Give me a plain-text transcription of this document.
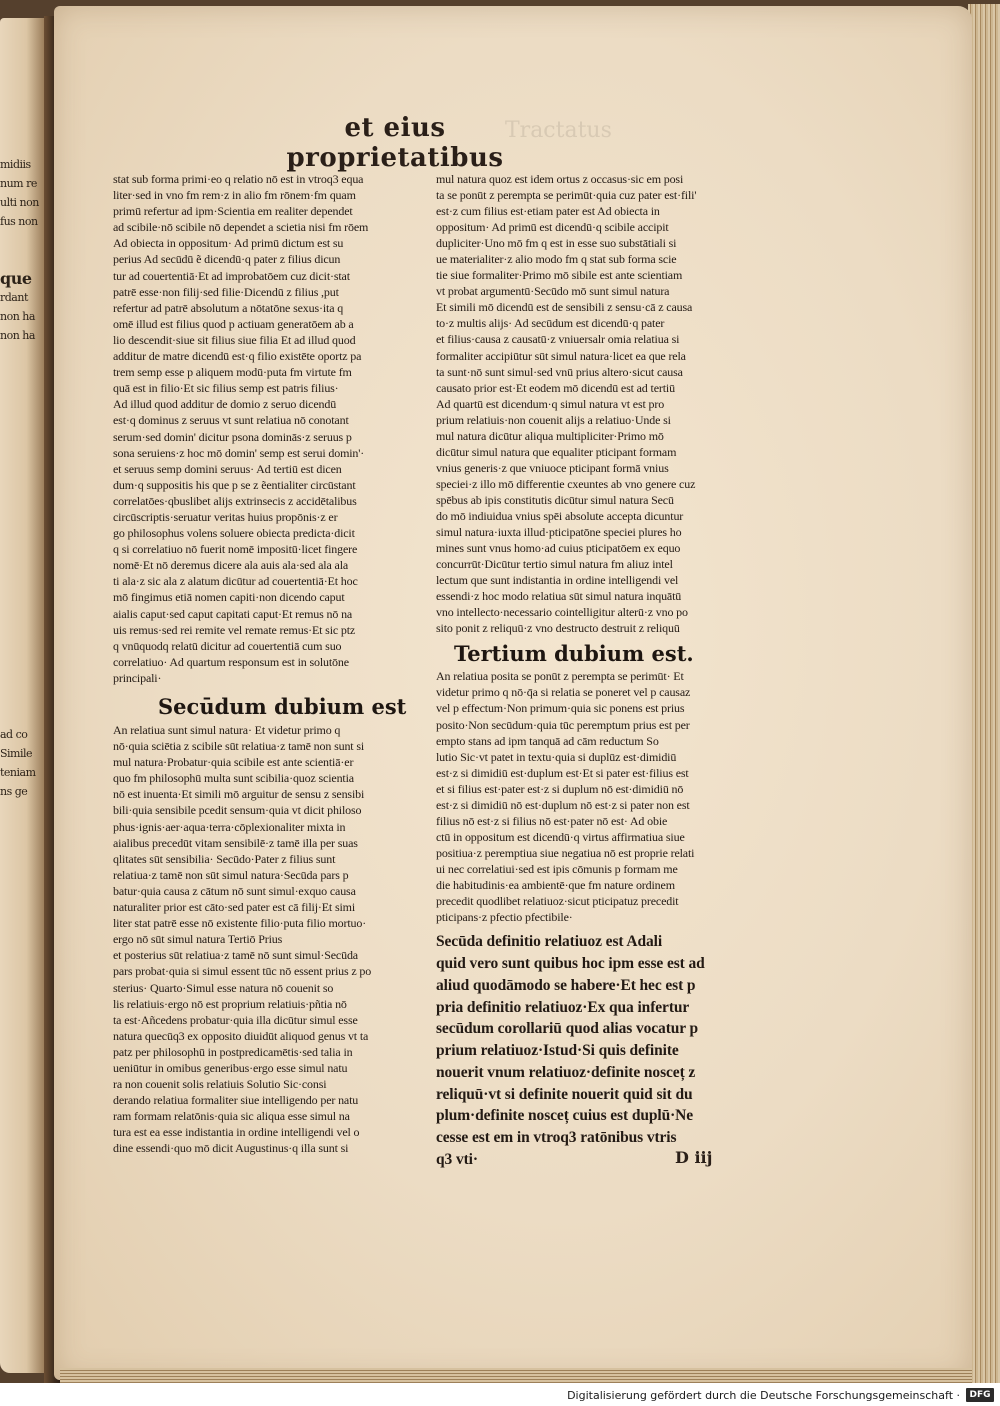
midiis
num re
ulti non
fus non
que
rdant
non ha
non ha
ad co
Simile
teniam
ns ge
Tractatus
et eius proprietatibus
stat sub forma primi·eo q relatio nō est in vtroq3 equa
liter·sed in vno fm rem·z in alio fm rōnem·fm quam
primū refertur ad ipm·Scientia em realiter dependet
ad scibile·nō scibile nō dependet a scietia nisi fm rōem
Ad obiecta in oppositum· Ad primū dictum est su
perius Ad secūdū ẽ dicendū·q pater z filius dicun
tur ad couertentiā·Et ad improbatōem cuz dicit·stat
patrē esse·non filij·sed filie·Dicendū z filius ,put
refertur ad patrē absolutum a nōtatōne sexus·ita q
omē illud est filius quod p actiuam generatōem ab a
lio descendit·siue sit filius siue filia Et ad illud quod
additur de matre dicendū est·q filio existēte oportz pa
trem semp esse p aliquem modū·puta fm virtute fm
quā est in filio·Et sic filius semp est patris filius·
Ad illud quod additur de domio z seruo dicendū
est·q dominus z seruus vt sunt relatiua nō conotant
serum·sed domin' dicitur psona dominās·z seruus p
sona seruiens·z hoc mō domin' semp est serui domin'·
et seruus semp domini seruus· Ad tertiū est dicen
dum·q suppositis his que p se z ẽentialiter circūstant
correlatōes·qbuslibet alijs extrinsecis z accidētalibus
circūscriptis·seruatur veritas huius propōnis·z er
go philosophus volens soluere obiecta predicta·dicit
q si correlatiuo nō fuerit nomē impositū·licet fingere
nomē·Et nō deremus dicere ala auis ala·sed ala ala
ti ala·z sic ala z alatum dicūtur ad couertentiā·Et hoc
mō fingimus etiā nomen capiti·non dicendo caput
aialis caput·sed caput capitati caput·Et remus nō na
uis remus·sed rei remite vel remate remus·Et sic ptz
q vnūquodq relatū dicitur ad couertentiā cum suo
correlatiuo· Ad quartum responsum est in solutōne
principali·
Secūdum dubium est
An relatiua sunt simul natura· Et videtur primo q
nō·quia sciētia z scibile sūt relatiua·z tamē non sunt si
mul natura·Probatur·quia scibile est ante scientiā·er
quo fm philosophū multa sunt scibilia·quoz scientia
nō est inuenta·Et simili mō arguitur de sensu z sensibi
bili·quia sensibile pcedit sensum·quia vt dicit philoso
phus·ignis·aer·aqua·terra·cōplexionaliter mixta in
aialibus precedūt vitam sensibilē·z tamē illa per suas
qlitates sūt sensibilia· Secūdo·Pater z filius sunt
relatiua·z tamē non sūt simul natura·Secūda pars p
batur·quia causa z cātum nō sunt simul·exquo causa
naturaliter prior est cāto·sed pater est cā filij·Et simi
liter stat patrē esse nō existente filio·puta filio mortuo·
ergo nō sūt simul natura Tertiō Prius
et posterius sūt relatiua·z tamē nō sunt simul·Secūda
pars probat·quia si simul essent tūc nō essent prius z po
sterius· Quarto·Simul esse natura nō couenit so
lis relatiuis·ergo nō est proprium relatiuis·pñtia nō
ta est·Añcedens probatur·quia illa dicūtur simul esse
natura quecūq3 ex opposito diuidūt aliquod genus vt ta
patz per philosophū in postpredicamētis·sed talia in
ueniūtur in omibus generibus·ergo esse simul natu
ra non couenit solis relatiuis Solutio Sic·consi
derando relatiua formaliter siue intelligendo per natu
ram formam relatōnis·quia sic aliqua esse simul na
tura est ea esse indistantia in ordine intelligendi vel o
dine essendi·quo mō dicit Augustinus·q illa sunt si
mul natura quoz est idem ortus z occasus·sic em posi
ta se ponūt z perempta se perimūt·quia cuz pater est·fili'
est·z cum filius est·etiam pater est Ad obiecta in
oppositum· Ad primū est dicendū·q scibile accipit
dupliciter·Uno mō fm q est in esse suo substātiali si
ue materialiter·z alio modo fm q stat sub forma scie
tie siue formaliter·Primo mō sibile est ante scientiam
vt probat argumentū·Secūdo mō sunt simul natura
Et simili mō dicendū est de sensibili z sensu·cā z causa
to·z multis alijs· Ad secūdum est dicendū·q pater
et filius·causa z causatū·z vniuersalr omia relatiua si
formaliter accipiūtur sūt simul natura·licet ea que rela
ta sunt·nō sunt simul·sed vnū prius altero·sicut causa
causato prior est·Et eodem mō dicendū est ad tertiū
Ad quartū est dicendum·q simul natura vt est pro
prium relatiuis·non couenit alijs a relatiuo·Unde si
mul natura dicūtur aliqua multipliciter·Primo mō
dicūtur simul natura que equaliter pticipant formam
vnius generis·z que vniuoce pticipant formā vnius
speciei·z illo mō differentie cxeuntes ab vno genere cuz
spēbus ab ipis constitutis dicūtur simul natura Secū
do mō indiuidua vnius spēi absolute accepta dicuntur
simul natura·iuxta illud·pticipatōne speciei plures ho
mines sunt vnus homo·ad cuius pticipatōem ex equo
concurrūt·Dicūtur tertio simul natura fm aliuz intel
lectum que sunt indistantia in ordine intelligendi vel
essendi·z hoc modo relatiua sūt simul natura inquātū
vno intellecto·necessario cointelligitur alterū·z vno po
sito ponit z reliquū·z vno destructo destruit z reliquū
Tertium dubium est.
An relatiua posita se ponūt z perempta se perimūt· Et
videtur primo q nō·q̄a si relatia se poneret vel p causaz
vel p effectum·Non primum·quia sic ponens est prius
posito·Non secūdum·quia tūc peremptum prius est per
empto stans ad ipm tanquā ad cām reductum So
lutio Sic·vt patet in textu·quia si duplūz est·dimidiū
est·z si dimidiū est·duplum est·Et si pater est·filius est
et si filius est·pater est·z si duplum nō est·dimidiū nō
est·z si dimidiū nō est·duplum nō est·z si pater non est
filius nō est·z si filius nō est·pater nō est· Ad obie
ctū in oppositum est dicendū·q virtus affirmatiua siue
positiua·z peremptiua siue negatiua nō est proprie relati
ui nec correlatiui·sed est ipis cōmunis p formam me
die habitudinis·ea ambientē·que fm nature ordinem
precedit quodlibet relatiuoz·sicut pticipatuz precedit
pticipans·z pfectio pfectibile·
Secūda definitio relatiuoz est Adali
quid vero sunt quibus hoc ipm esse est ad
aliud quodāmodo se habere·Et hec est p
pria definitio relatiuoz·Ex qua infertur
secūdum corollariū quod alias vocatur p
prium relatiuoz·Istud·Si quis definite
nouerit vnum relatiuoz·definite nosceț z
reliquū·vt si definite nouerit quid sit du
plum·definite nosceț cuius est duplū·Ne
cesse est em in vtroq3 ratōnibus vtris
q3 vti·	D iij
Digitalisierung gefördert durch die Deutsche Forschungsgemeinschaft ·	DFG
